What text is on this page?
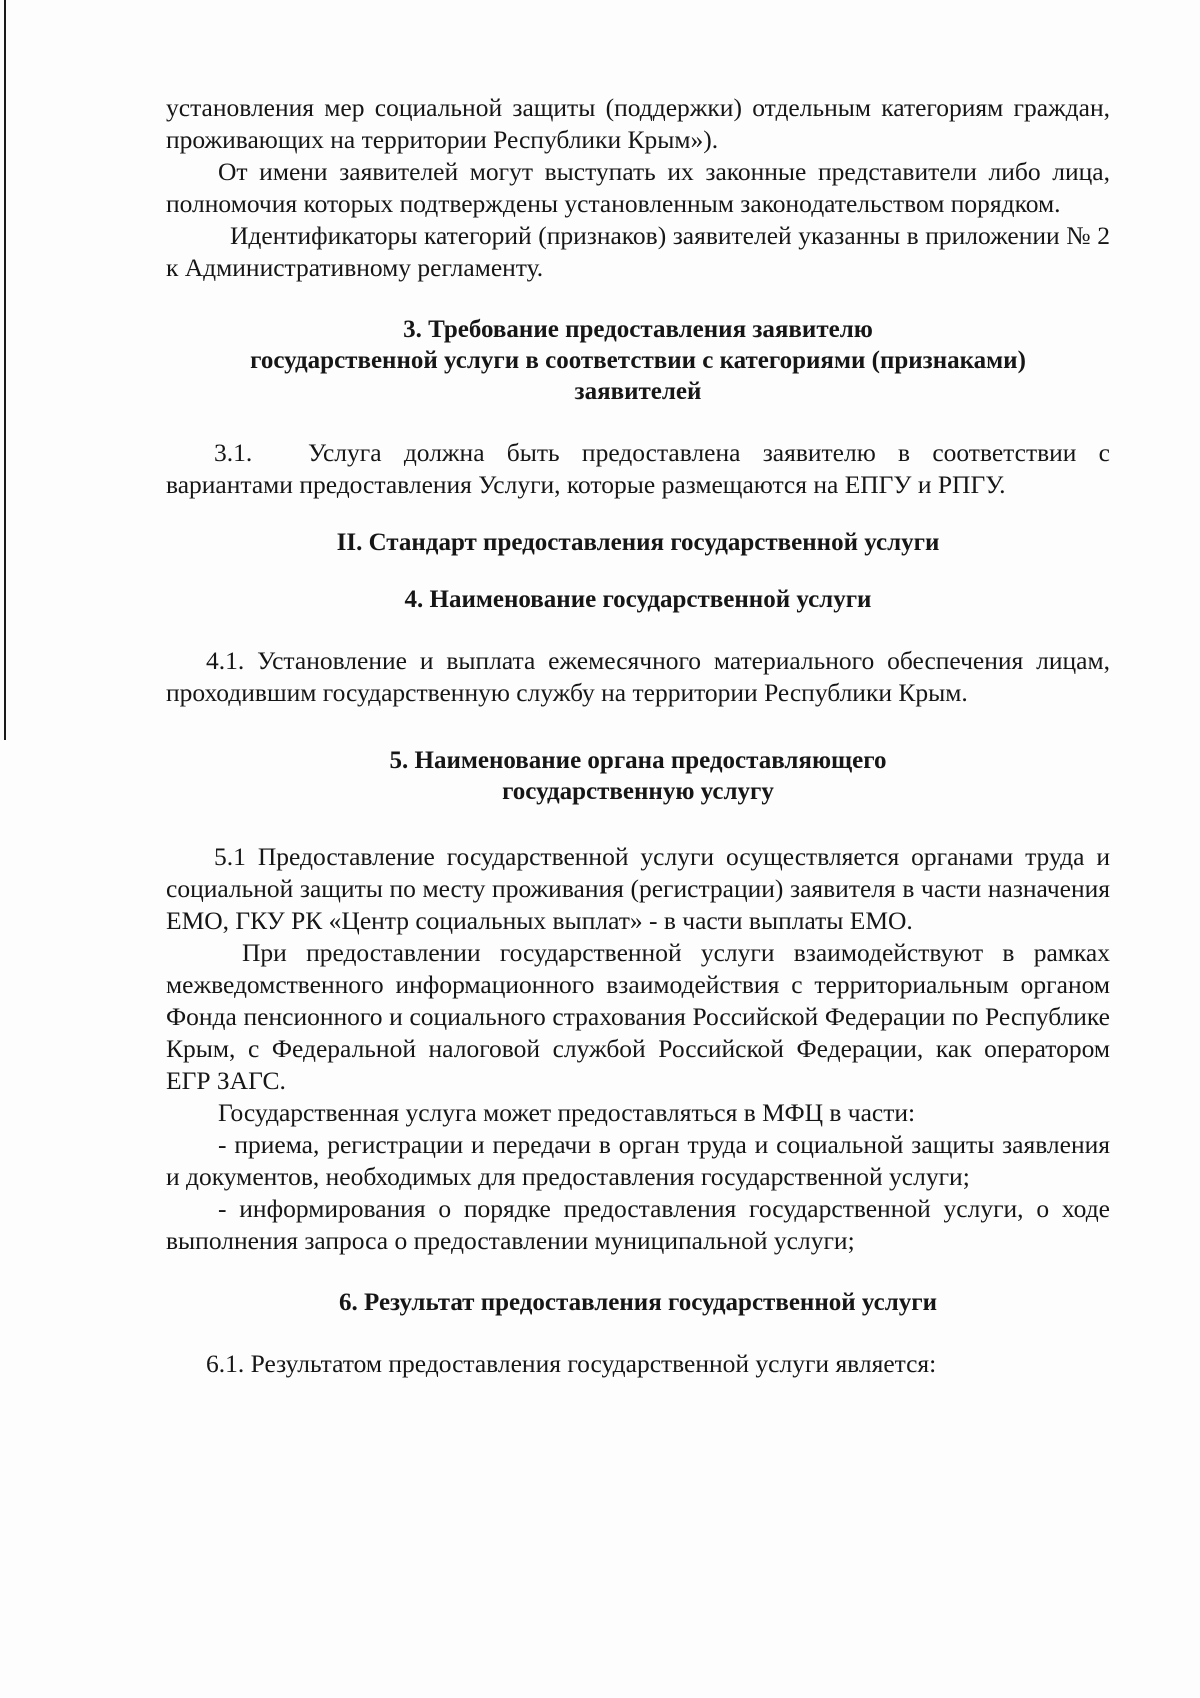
установления мер социальной защиты (поддержки) отдельным категориям граждан, проживающих на территории Республики Крым»).

От имени заявителей могут выступать их законные представители либо лица, полномочия которых подтверждены установленным законодательством порядком.

Идентификаторы категорий (признаков) заявителей указанны в приложении № 2 к Административному регламенту.

3. Требование предоставления заявителю
государственной услуги в соответствии с категориями (признаками)
заявителей

3.1. Услуга должна быть предоставлена заявителю в соответствии с вариантами предоставления Услуги, которые размещаются на ЕПГУ и РПГУ.

II. Стандарт предоставления государственной услуги
4. Наименование государственной услуги

4.1. Установление и выплата ежемесячного материального обеспечения лицам, проходившим государственную службу на территории Республики Крым.

5. Наименование органа предоставляющего
государственную услугу

5.1 Предоставление государственной услуги осуществляется органами труда и социальной защиты по месту проживания (регистрации) заявителя в части назначения ЕМО, ГКУ РК «Центр социальных выплат» - в части выплаты ЕМО.

При предоставлении государственной услуги взаимодействуют в рамках межведомственного информационного взаимодействия с территориальным органом Фонда пенсионного и социального страхования Российской Федерации по Республике Крым, с Федеральной налоговой службой Российской Федерации, как оператором ЕГР ЗАГС.

Государственная услуга может предоставляться в МФЦ в части:

- приема, регистрации и передачи в орган труда и социальной защиты заявления и документов, необходимых для предоставления государственной услуги;

- информирования о порядке предоставления государственной услуги, о ходе выполнения запроса о предоставлении муниципальной услуги;

6. Результат предоставления государственной услуги

6.1. Результатом предоставления государственной услуги является:
